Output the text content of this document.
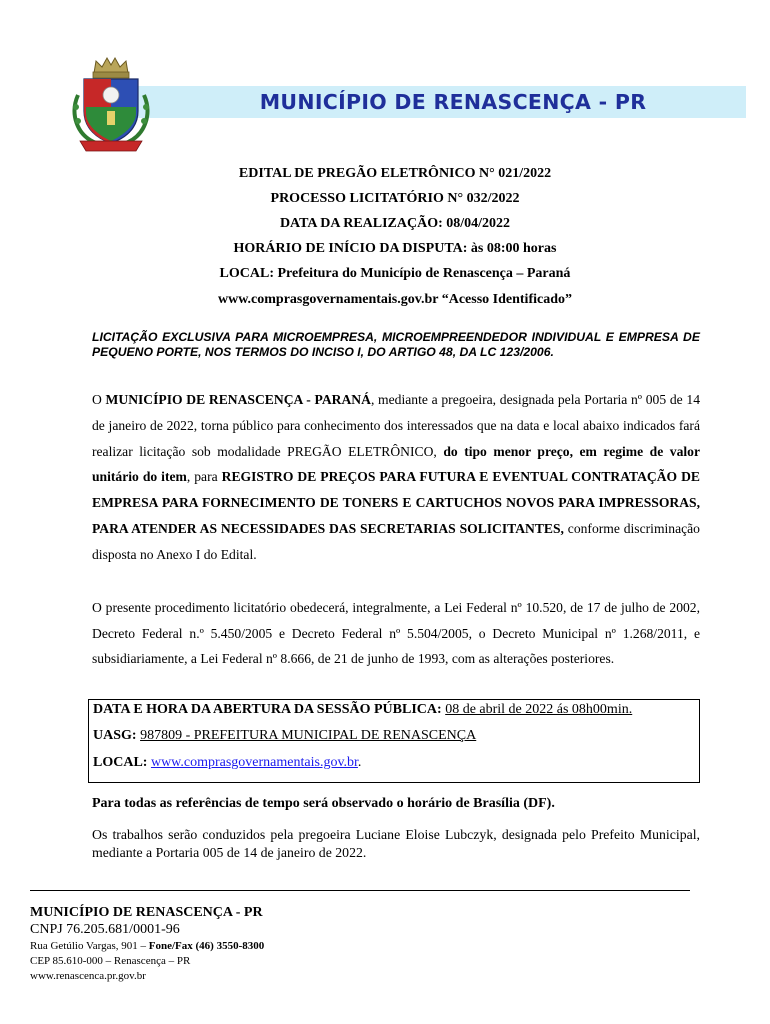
MUNICÍPIO DE RENASCENÇA - PR
EDITAL DE PREGÃO ELETRÔNICO N° 021/2022
PROCESSO LICITATÓRIO N° 032/2022
DATA DA REALIZAÇÃO: 08/04/2022
HORÁRIO DE INÍCIO DA DISPUTA: às 08:00 horas
LOCAL: Prefeitura do Município de Renascença – Paraná
www.comprasgovernamentais.gov.br “Acesso Identificado”
LICITAÇÃO EXCLUSIVA PARA MICROEMPRESA, MICROEMPREENDEDOR INDIVIDUAL E EMPRESA DE PEQUENO PORTE, NOS TERMOS DO INCISO I, DO ARTIGO 48, DA LC 123/2006.
O MUNICÍPIO DE RENASCENÇA - PARANÁ, mediante a pregoeira, designada pela Portaria nº 005 de 14 de janeiro de 2022, torna público para conhecimento dos interessados que na data e local abaixo indicados fará realizar licitação sob modalidade PREGÃO ELETRÔNICO, do tipo menor preço, em regime de valor unitário do item, para REGISTRO DE PREÇOS PARA FUTURA E EVENTUAL CONTRATAÇÃO DE EMPRESA PARA FORNECIMENTO DE TONERS E CARTUCHOS NOVOS PARA IMPRESSORAS, PARA ATENDER AS NECESSIDADES DAS SECRETARIAS SOLICITANTES, conforme discriminação disposta no Anexo I do Edital.
O presente procedimento licitatório obedecerá, integralmente, a Lei Federal nº 10.520, de 17 de julho de 2002, Decreto Federal n.º 5.450/2005 e Decreto Federal nº 5.504/2005, o Decreto Municipal nº 1.268/2011, e subsidiariamente, a Lei Federal nº 8.666, de 21 de junho de 1993, com as alterações posteriores.
DATA E HORA DA ABERTURA DA SESSÃO PÚBLICA: 08 de abril de 2022 ás 08h00min.
UASG: 987809 - PREFEITURA MUNICIPAL DE RENASCENÇA
LOCAL: www.comprasgovernamentais.gov.br.
Para todas as referências de tempo será observado o horário de Brasília (DF).
Os trabalhos serão conduzidos pela pregoeira Luciane Eloise Lubczyk, designada pelo Prefeito Municipal, mediante a Portaria 005 de 14 de janeiro de 2022.
MUNICÍPIO DE RENASCENÇA - PR
CNPJ 76.205.681/0001-96
Rua Getúlio Vargas, 901 – Fone/Fax (46) 3550-8300
CEP 85.610-000 – Renascença – PR
www.renascenca.pr.gov.br
